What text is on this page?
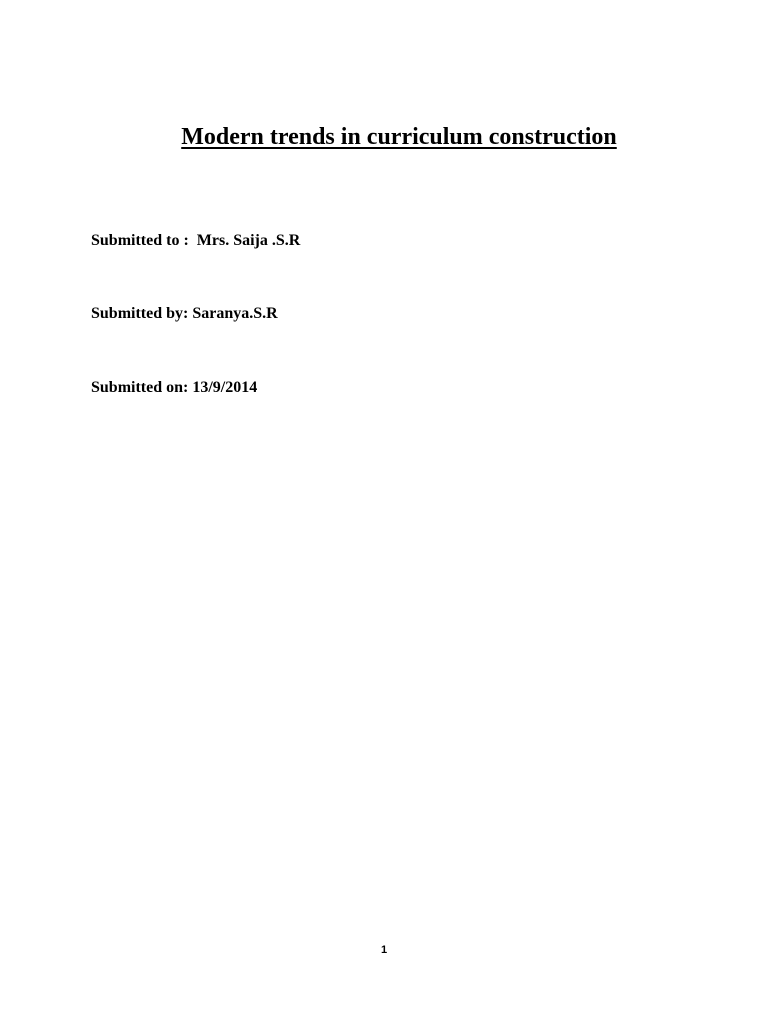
Modern trends in curriculum construction

Submitted to : Mrs. Saija .S.R

Submitted by: Saranya.S.R

Submitted on: 13/9/2014

1
